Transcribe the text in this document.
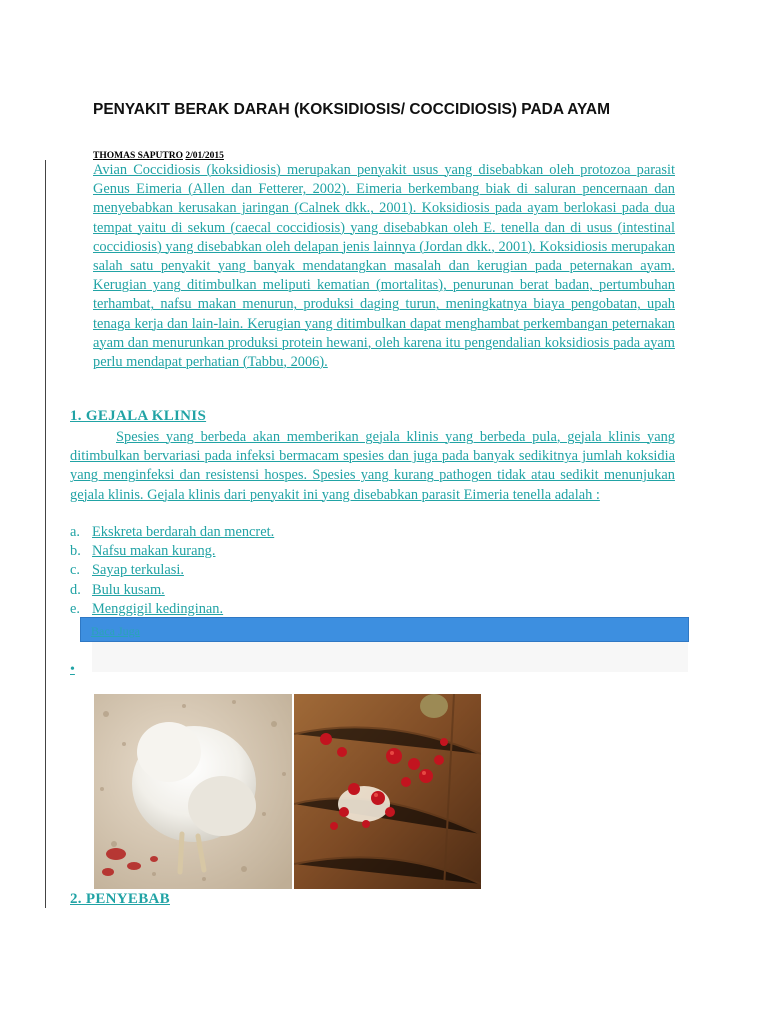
PENYAKIT BERAK DARAH (KOKSIDIOSIS/ COCCIDIOSIS) PADA AYAM
THOMAS SAPUTRO 2/01/2015
Avian Coccidiosis (koksidiosis) merupakan penyakit usus yang disebabkan oleh protozoa parasit Genus Eimeria (Allen dan Fetterer, 2002). Eimeria berkembang biak di saluran pencernaan dan menyebabkan kerusakan jaringan (Calnek dkk., 2001). Koksidiosis pada ayam berlokasi pada dua tempat yaitu di sekum (caecal coccidiosis) yang disebabkan oleh E. tenella dan di usus (intestinal coccidiosis) yang disebabkan oleh delapan jenis lainnya (Jordan dkk., 2001). Koksidiosis merupakan salah satu penyakit yang banyak mendatangkan masalah dan kerugian pada peternakan ayam. Kerugian yang ditimbulkan meliputi kematian (mortalitas), penurunan berat badan, pertumbuhan terhambat, nafsu makan menurun, produksi daging turun, meningkatnya biaya pengobatan, upah tenaga kerja dan lain-lain. Kerugian yang ditimbulkan dapat menghambat perkembangan peternakan ayam dan menurunkan produksi protein hewani, oleh karena itu pengendalian koksidiosis pada ayam perlu mendapat perhatian (Tabbu, 2006).
1. GEJALA KLINIS
Spesies yang berbeda akan memberikan gejala klinis yang berbeda pula, gejala klinis yang ditimbulkan bervariasi pada infeksi bermacam spesies dan juga pada banyak sedikitnya jumlah koksidia yang menginfeksi dan resistensi hospes. Spesies yang kurang pathogen tidak atau sedikit menunjukan gejala klinis. Gejala klinis dari penyakit ini yang disebabkan parasit Eimeria tenella adalah :
a. Ekskreta berdarah dan mencret.
b. Nafsu makan kurang.
c. Sayap terkulasi.
d. Bulu kusam.
e. Menggigil kedinginan.
Baca Juga
•
2. PENYEBAB
